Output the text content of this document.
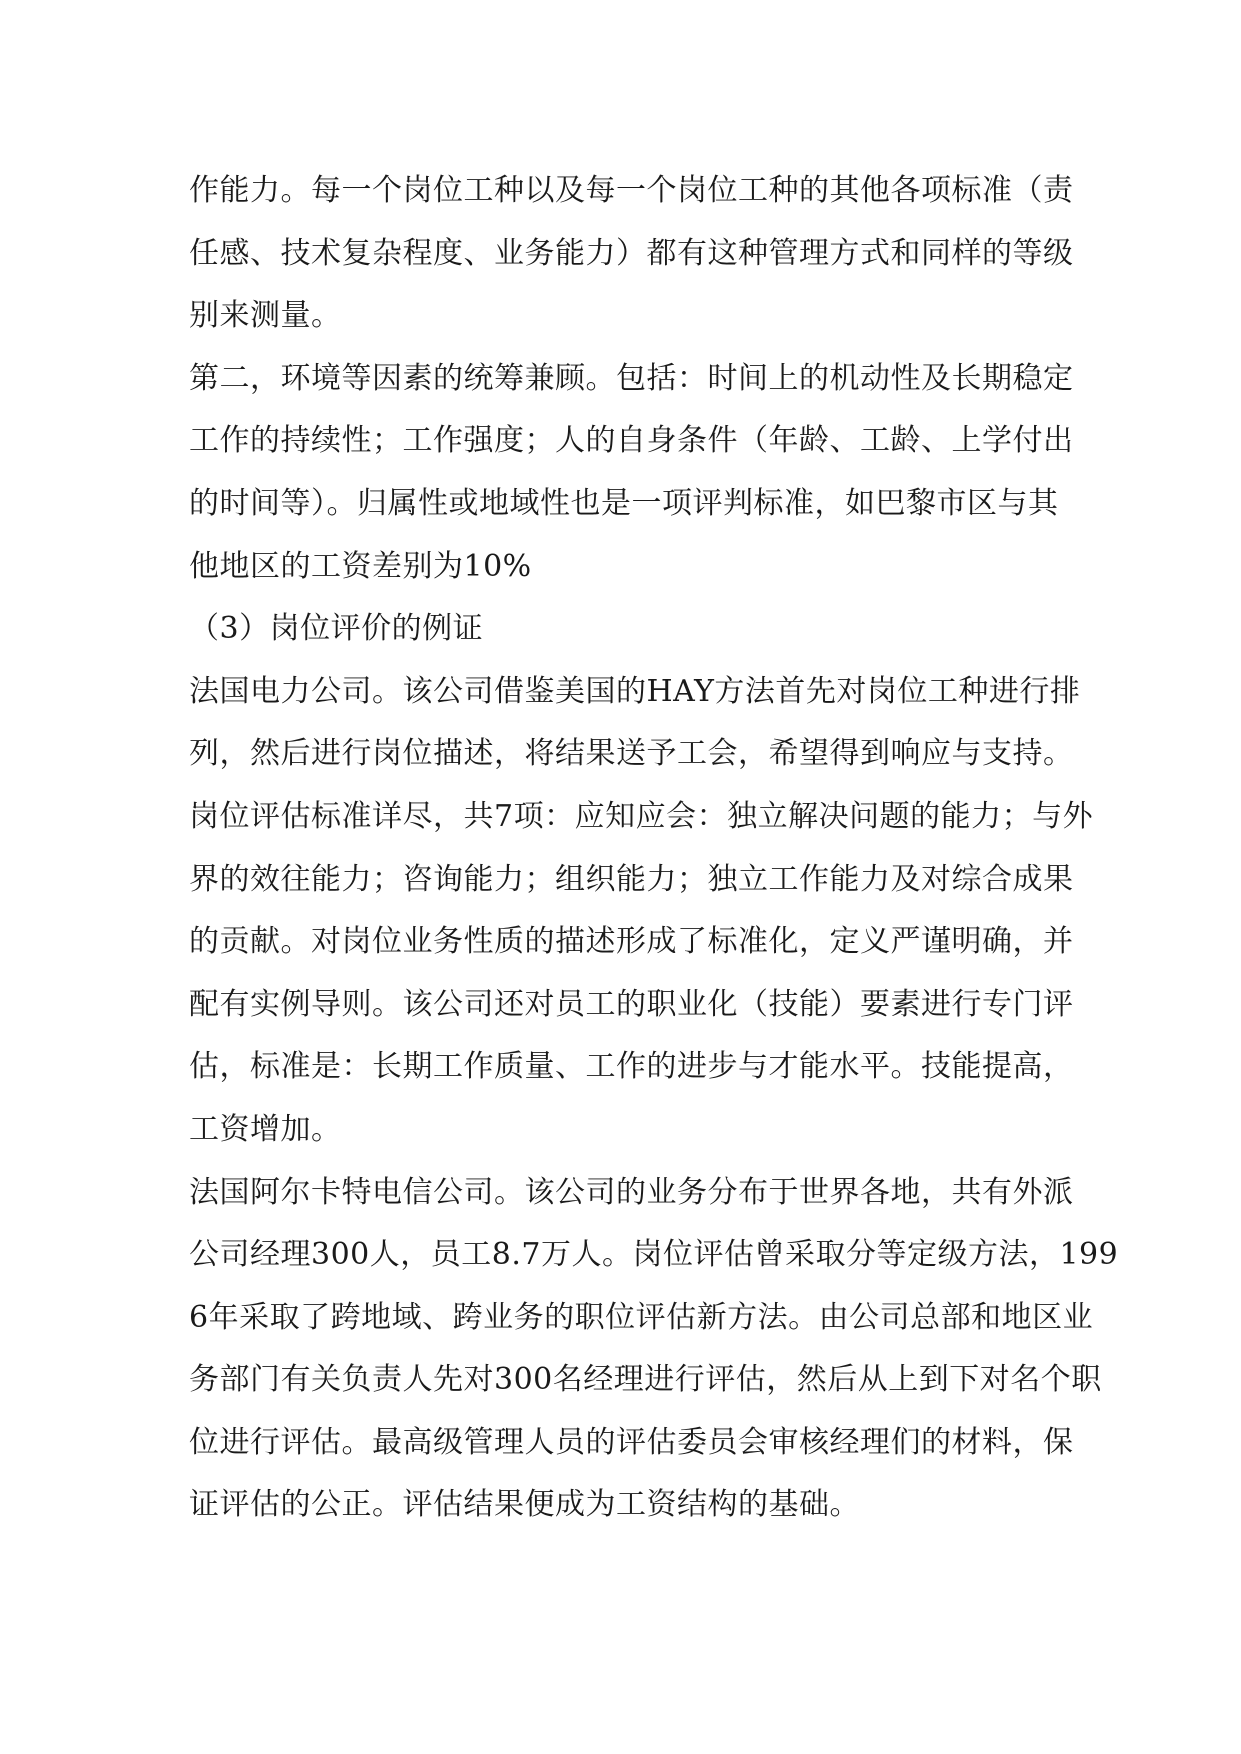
作能力。每一个岗位工种以及每一个岗位工种的其他各项标准（责
任感、技术复杂程度、业务能力）都有这种管理方式和同样的等级
别来测量。
第二，环境等因素的统筹兼顾。包括：时间上的机动性及长期稳定
工作的持续性；工作强度；人的自身条件（年龄、工龄、上学付出
的时间等）。归属性或地域性也是一项评判标准，如巴黎市区与其
他地区的工资差别为10%
（3）岗位评价的例证
法国电力公司。该公司借鉴美国的HAY方法首先对岗位工种进行排
列，然后进行岗位描述，将结果送予工会，希望得到响应与支持。
岗位评估标准详尽，共7项：应知应会：独立解决问题的能力；与外
界的效往能力；咨询能力；组织能力；独立工作能力及对综合成果
的贡献。对岗位业务性质的描述形成了标准化，定义严谨明确，并
配有实例导则。该公司还对员工的职业化（技能）要素进行专门评
估，标准是：长期工作质量、工作的进步与才能水平。技能提高，
工资增加。
法国阿尔卡特电信公司。该公司的业务分布于世界各地，共有外派
公司经理300人，员工8.7万人。岗位评估曾采取分等定级方法，199
6年采取了跨地域、跨业务的职位评估新方法。由公司总部和地区业
务部门有关负责人先对300名经理进行评估，然后从上到下对名个职
位进行评估。最高级管理人员的评估委员会审核经理们的材料，保
证评估的公正。评估结果便成为工资结构的基础。
